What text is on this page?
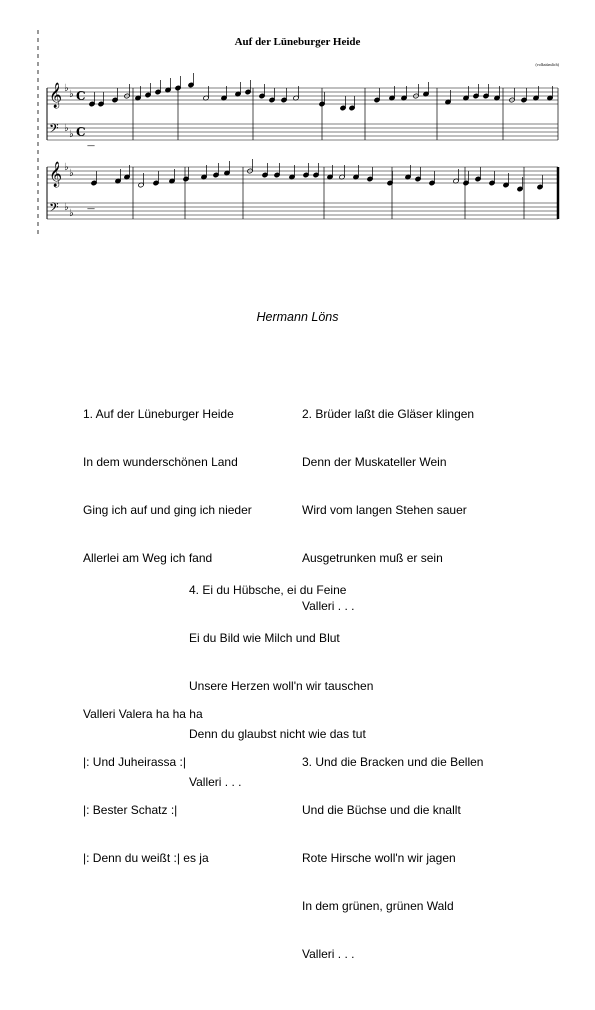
Auf der Lüneburger Heide
(volkstümlich)
𝄞 ♭
♭ C
𝄢 ♭
♭ C
𝄞 ♭
♭
𝄢 ♭
♭
—
—
Hermann Löns

1. Auf der Lüneburger Heide

In dem wunderschönen Land

Ging ich auf und ging ich nieder

Allerlei am Weg ich fand

Valleri Valera ha ha ha

|: Und Juheirassa :|

|: Bester Schatz :|

|: Denn du weißt :| es ja

2. Brüder laßt die Gläser klingen

Denn der Muskateller Wein

Wird vom langen Stehen sauer

Ausgetrunken muß er sein

Valleri . . .

3. Und die Bracken und die Bellen

Und die Büchse und die knallt

Rote Hirsche woll'n wir jagen

In dem grünen, grünen Wald

Valleri . . .

4. Ei du Hübsche, ei du Feine

Ei du Bild wie Milch und Blut

Unsere Herzen woll'n wir tauschen

Denn du glaubst nicht wie das tut

Valleri . . .
